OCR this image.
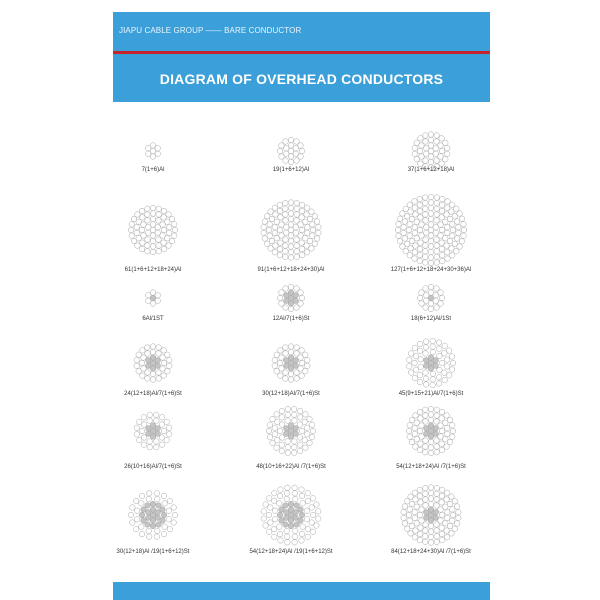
JIAPU CABLE GROUP —— BARE CONDUCTOR
DIAGRAM OF OVERHEAD CONDUCTORS
7(1+6)Al	19(1+6+12)Al	37(1+6+12+18)Al
61(1+6+12+18+24)Al	91(1+6+12+18+24+30)Al	127(1+6+12+18+24+30+36)Al
6Al/1ST	12Al/7(1+6)St	18(6+12)Al/1St
24(12+18)Al/7(1+6)St	30(12+18)Al/7(1+6)St	45(9+15+21)Al/7(1+6)St
26(10+16)Al/7(1+6)St	48(10+16+22)Al /7(1+6)St	54(12+18+24)Al /7(1+6)St
30(12+18)Al /19(1+6+12)St	54(12+18+24)Al /19(1+6+12)St	84(12+18+24+30)Al /7(1+6)St
